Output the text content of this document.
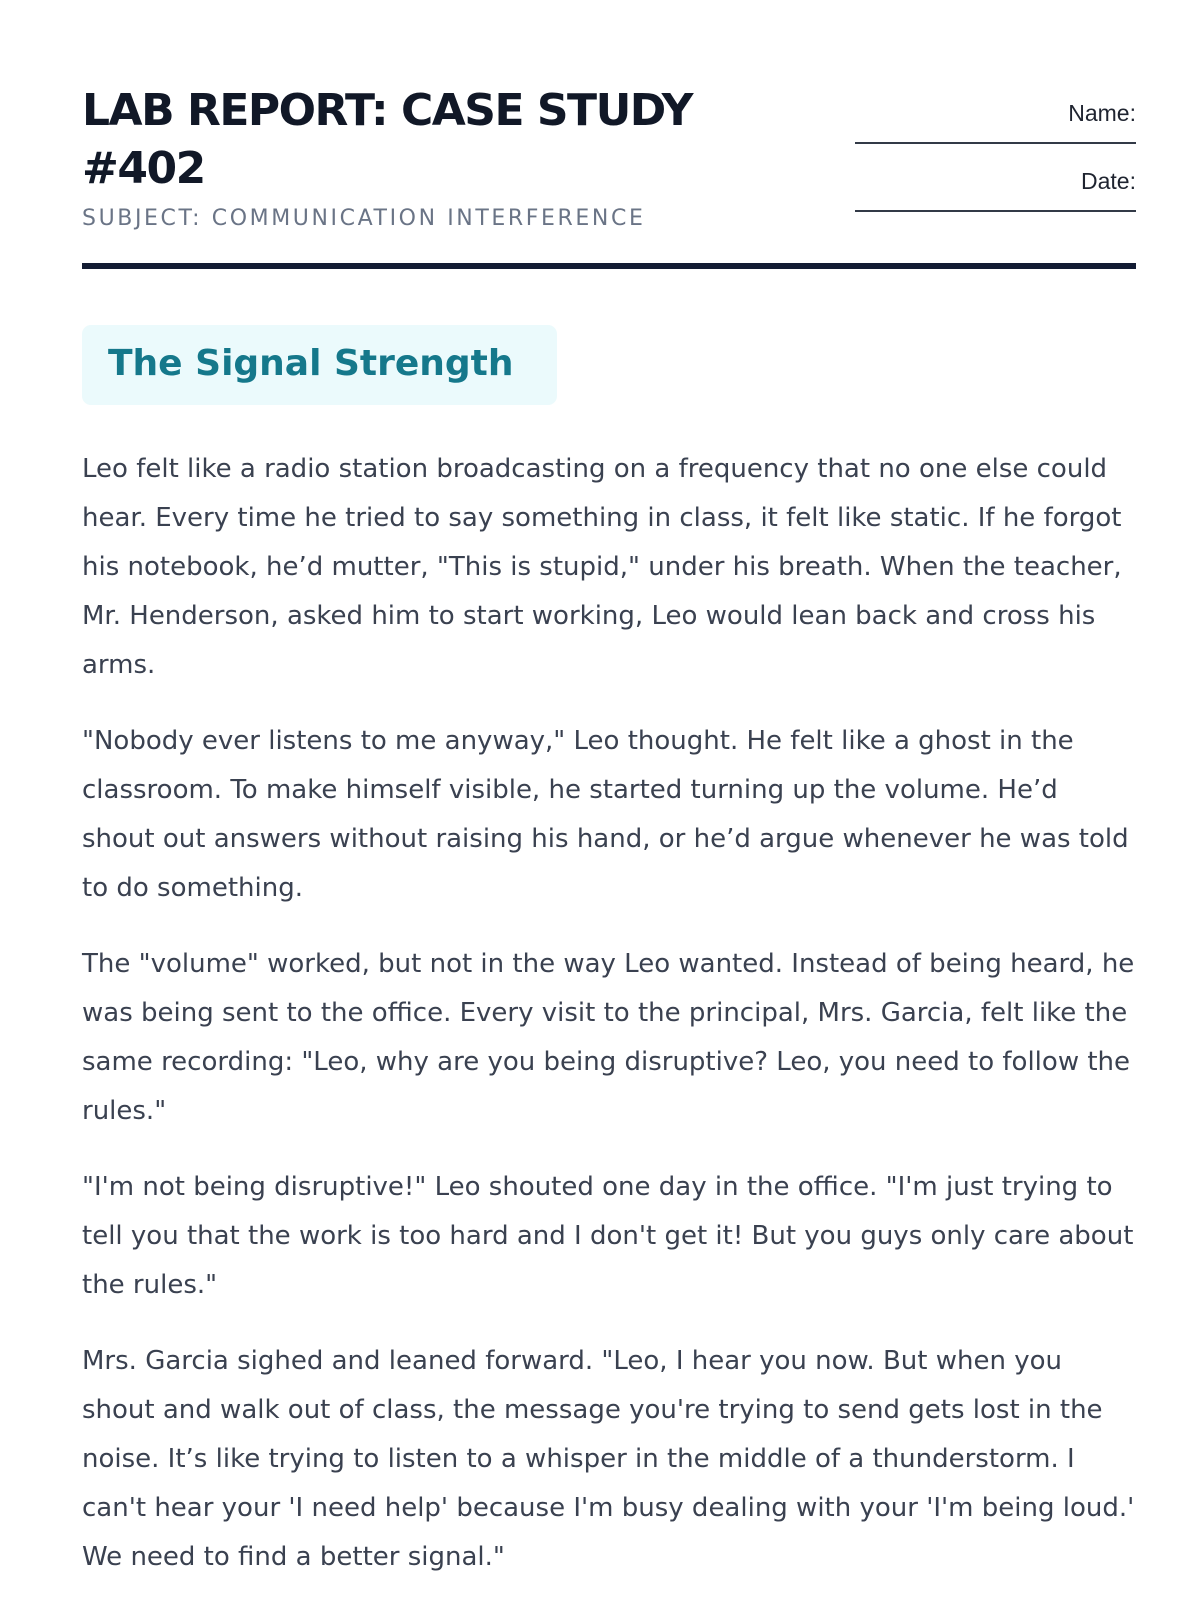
LAB REPORT: CASE STUDY #402
SUBJECT: COMMUNICATION INTERFERENCE
Name:
Date:
The Signal Strength

Leo felt like a radio station broadcasting on a frequency that no one else could hear. Every time he tried to say something in class, it felt like static. If he forgot his notebook, he’d mutter, "This is stupid," under his breath. When the teacher, Mr. Henderson, asked him to start working, Leo would lean back and cross his arms.

"Nobody ever listens to me anyway," Leo thought. He felt like a ghost in the classroom. To make himself visible, he started turning up the volume. He’d shout out answers without raising his hand, or he’d argue whenever he was told to do something.

The "volume" worked, but not in the way Leo wanted. Instead of being heard, he was being sent to the office. Every visit to the principal, Mrs. Garcia, felt like the same recording: "Leo, why are you being disruptive? Leo, you need to follow the rules."

"I'm not being disruptive!" Leo shouted one day in the office. "I'm just trying to tell you that the work is too hard and I don't get it! But you guys only care about the rules."

Mrs. Garcia sighed and leaned forward. "Leo, I hear you now. But when you shout and walk out of class, the message you're trying to send gets lost in the noise. It’s like trying to listen to a whisper in the middle of a thunderstorm. I can't hear your 'I need help' because I'm busy dealing with your 'I'm being loud.' We need to find a better signal."
